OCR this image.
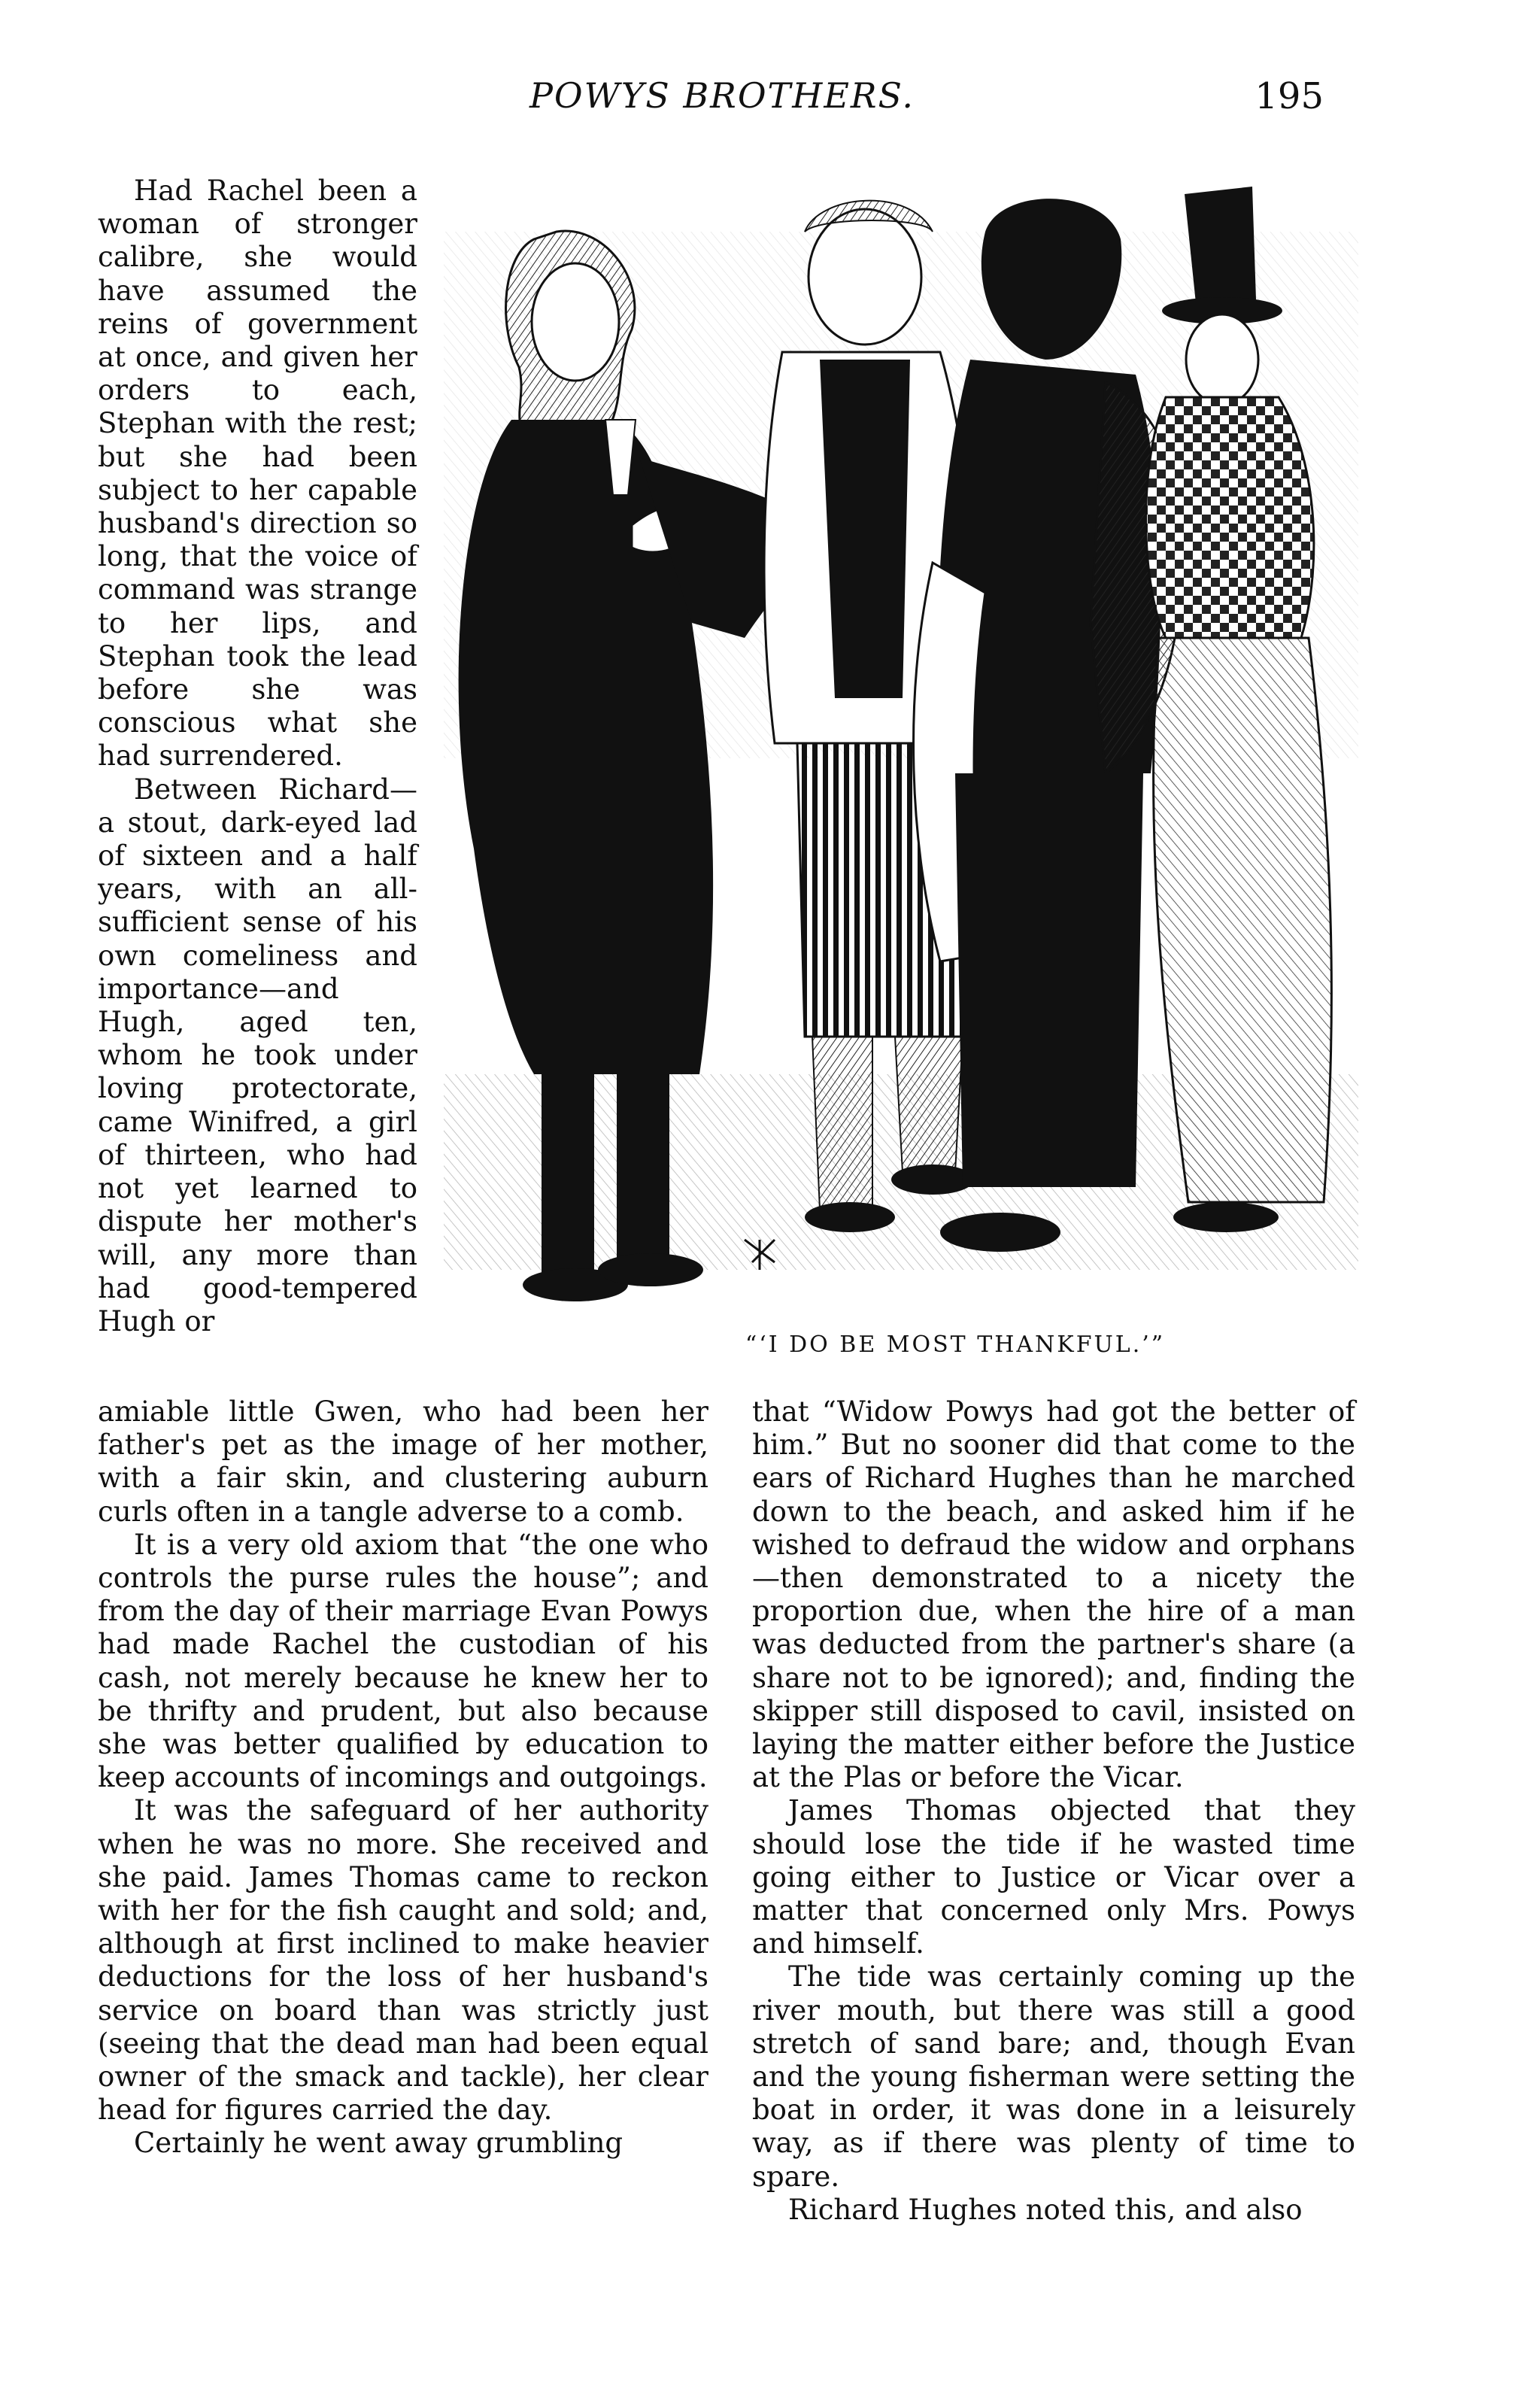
POWYS BROTHERS.	195

Had Rachel been a woman of stronger calibre, she would have assumed the reins of government at once, and given her orders to each, Stephan with the rest; but she had been subject to her capable husband's direction so long, that the voice of command was strange to her lips, and Stephan took the lead before she was conscious what she had surrendered.

Between Richard—a stout, dark-eyed lad of sixteen and a half years, with an all-sufficient sense of his own comeliness and importance—and Hugh, aged ten, whom he took under loving protectorate, came Winifred, a girl of thirteen, who had not yet learned to dispute her mother's will, any more than had good-tempered Hugh or

“‘I DO BE MOST THANKFUL.’”

amiable little Gwen, who had been her father's pet as the image of her mother, with a fair skin, and clustering auburn curls often in a tangle adverse to a comb.

It is a very old axiom that “the one who controls the purse rules the house”; and from the day of their marriage Evan Powys had made Rachel the custodian of his cash, not merely because he knew her to be thrifty and prudent, but also because she was better qualified by education to keep accounts of incomings and outgoings.

It was the safeguard of her authority when he was no more. She received and she paid. James Thomas came to reckon with her for the fish caught and sold; and, although at first inclined to make heavier deductions for the loss of her husband's service on board than was strictly just (seeing that the dead man had been equal owner of the smack and tackle), her clear head for figures carried the day.

Certainly he went away grumbling

that “Widow Powys had got the better of him.” But no sooner did that come to the ears of Richard Hughes than he marched down to the beach, and asked him if he wished to defraud the widow and orphans—then demonstrated to a nicety the proportion due, when the hire of a man was deducted from the partner's share (a share not to be ignored); and, finding the skipper still disposed to cavil, insisted on laying the matter either before the Justice at the Plas or before the Vicar.

James Thomas objected that they should lose the tide if he wasted time going either to Justice or Vicar over a matter that concerned only Mrs. Powys and himself.

The tide was certainly coming up the river mouth, but there was still a good stretch of sand bare; and, though Evan and the young fisherman were setting the boat in order, it was done in a leisurely way, as if there was plenty of time to spare.

Richard Hughes noted this, and also
